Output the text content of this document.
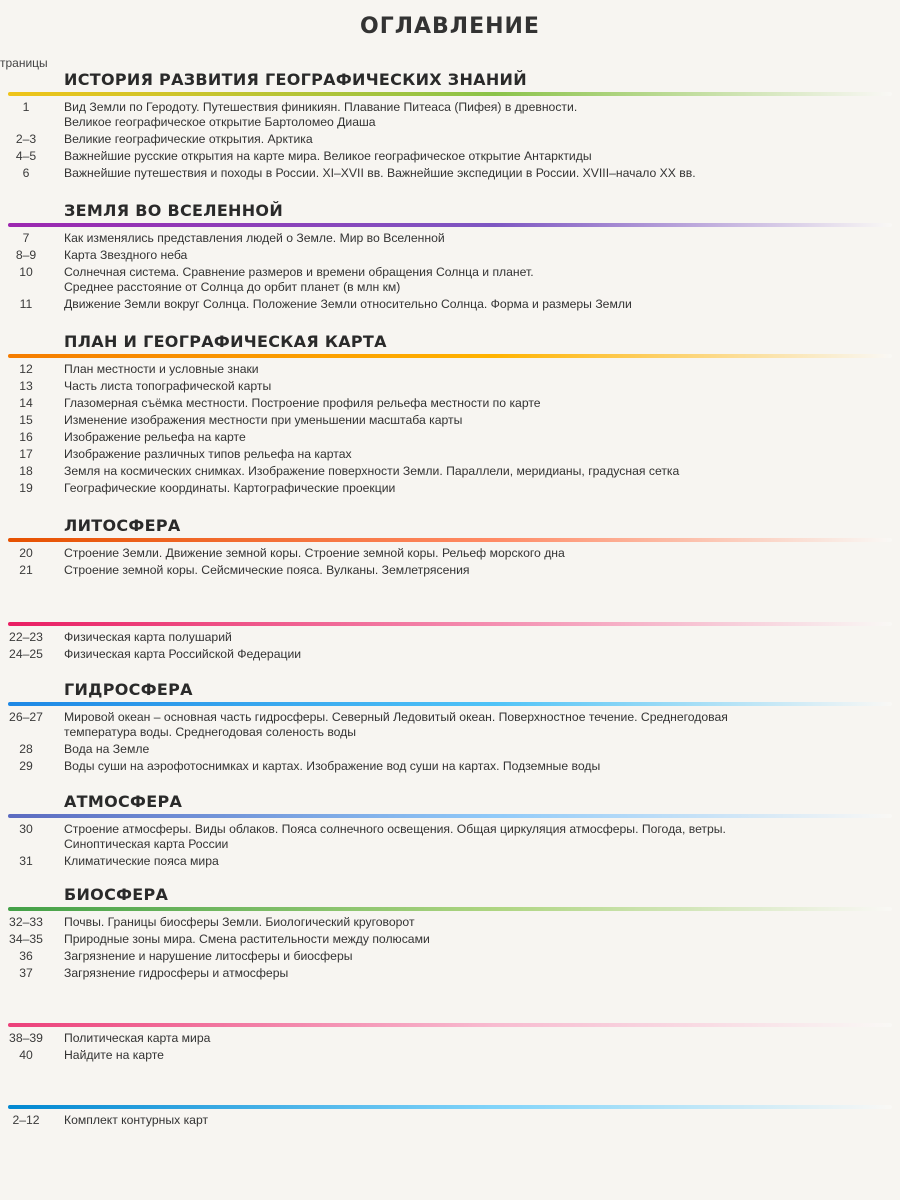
ОГЛАВЛЕНИЕ
траницы
ИСТОРИЯ РАЗВИТИЯ ГЕОГРАФИЧЕСКИХ ЗНАНИЙ
1	Вид Земли по Геродоту. Путешествия финикиян. Плавание Питеаса (Пифея) в древности.
Великое географическое открытие Бартоломео Диаша
2–3	Великие географические открытия. Арктика
4–5	Важнейшие русские открытия на карте мира. Великое географическое открытие Антарктиды
6	Важнейшие путешествия и походы в России. XI–XVII вв. Важнейшие экспедиции в России. XVIII–начало XX вв.
ЗЕМЛЯ ВО ВСЕЛЕННОЙ
7	Как изменялись представления людей о Земле. Мир во Вселенной
8–9	Карта Звездного неба
10	Солнечная система. Сравнение размеров и времени обращения Солнца и планет.
Среднее расстояние от Солнца до орбит планет (в млн км)
11	Движение Земли вокруг Солнца. Положение Земли относительно Солнца. Форма и размеры Земли
ПЛАН И ГЕОГРАФИЧЕСКАЯ КАРТА
12	План местности и условные знаки
13	Часть листа топографической карты
14	Глазомерная съёмка местности. Построение профиля рельефа местности по карте
15	Изменение изображения местности при уменьшении масштаба карты
16	Изображение рельефа на карте
17	Изображение различных типов рельефа на картах
18	Земля на космических снимках. Изображение поверхности Земли. Параллели, меридианы, градусная сетка
19	Географические координаты. Картографические проекции
ЛИТОСФЕРА
20	Строение Земли. Движение земной коры. Строение земной коры. Рельеф морского дна
21	Строение земной коры. Сейсмические пояса. Вулканы. Землетрясения
22–23	Физическая карта полушарий
24–25	Физическая карта Российской Федерации
ГИДРОСФЕРА
26–27	Мировой океан – основная часть гидросферы. Северный Ледовитый океан. Поверхностное течение. Среднегодовая
температура воды. Среднегодовая соленость воды
28	Вода на Земле
29	Воды суши на аэрофотоснимках и картах. Изображение вод суши на картах. Подземные воды
АТМОСФЕРА
30	Строение атмосферы. Виды облаков. Пояса солнечного освещения. Общая циркуляция атмосферы. Погода, ветры.
Синоптическая карта России
31	Климатические пояса мира
БИОСФЕРА
32–33	Почвы. Границы биосферы Земли. Биологический круговорот
34–35	Природные зоны мира. Смена растительности между полюсами
36	Загрязнение и нарушение литосферы и биосферы
37	Загрязнение гидросферы и атмосферы
38–39	Политическая карта мира
40	Найдите на карте
2–12	Комплект контурных карт
